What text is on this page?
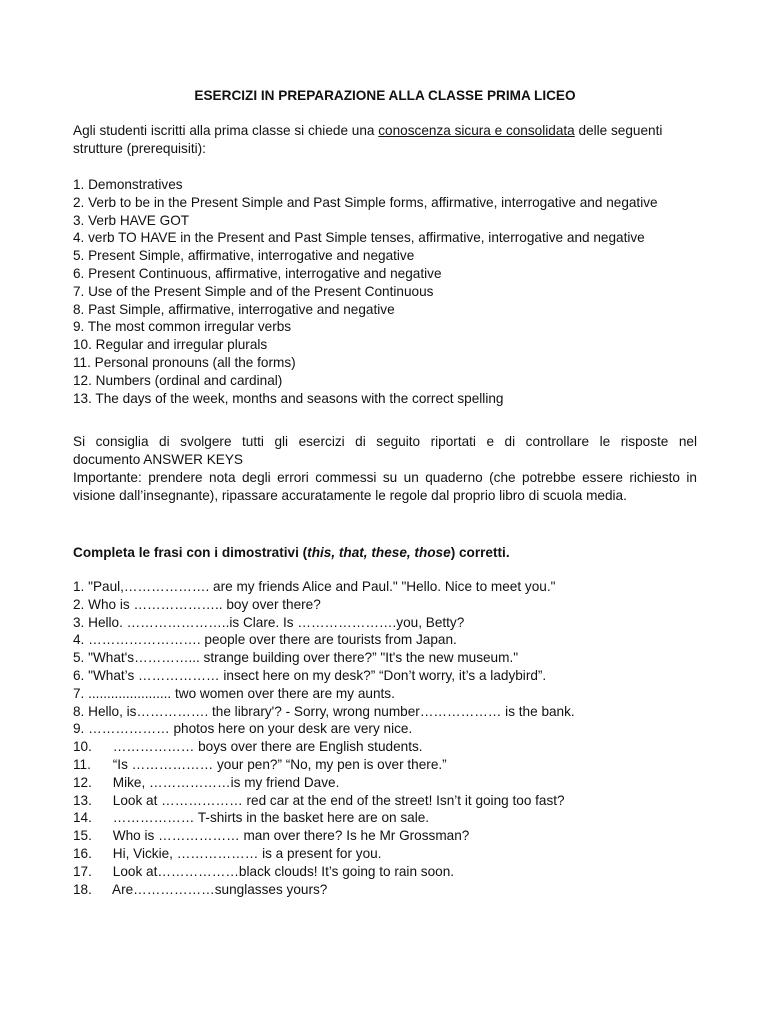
ESERCIZI IN PREPARAZIONE ALLA CLASSE PRIMA LICEO
Agli studenti iscritti alla prima classe si chiede una conoscenza sicura e consolidata delle seguenti strutture (prerequisiti):
1. Demonstratives
2. Verb to be in the Present Simple and Past Simple forms, affirmative, interrogative and negative
3. Verb HAVE GOT
4. verb TO HAVE in the Present and Past Simple tenses, affirmative, interrogative and negative
5. Present Simple, affirmative, interrogative and negative
6. Present Continuous, affirmative, interrogative and negative
7. Use of the Present Simple and of the Present Continuous
8. Past Simple, affirmative, interrogative and negative
9. The most common irregular verbs
10. Regular and irregular plurals
11. Personal pronouns (all the forms)
12. Numbers (ordinal and cardinal)
13. The days of the week, months and seasons with the correct spelling

Si consiglia di svolgere tutti gli esercizi di seguito riportati e di controllare le risposte nel

documento ANSWER KEYS

Importante: prendere nota degli errori commessi su un quaderno (che potrebbe essere richiesto in visione dall’insegnante), ripassare accuratamente le regole dal proprio libro di scuola media.

Completa le frasi con i dimostrativi (this, that, these, those) corretti.
1. "Paul,………………. are my friends Alice and Paul." "Hello. Nice to meet you."
2. Who is ……………….. boy over there?
3. Hello. …………………..is Clare. Is ………………….you, Betty?
4. ……………………. people over there are tourists from Japan.
5. "What's…………... strange building over there?” "It's the new museum."
6. "What’s ……………… insect here on my desk?” “Don’t worry, it’s a ladybird”.
7. ...................... two women over there are my aunts.
8. Hello, is……………. the library'? - Sorry, wrong number……………… is the bank.
9. ……………… photos here on your desk are very nice.
10. ……………… boys over there are English students.
11. “Is ……………… your pen?” “No, my pen is over there.”
12. Mike, ………………is my friend Dave.
13. Look at ……………… red car at the end of the street! Isn’t it going too fast?
14. ……………… T-shirts in the basket here are on sale.
15. Who is ……………… man over there? Is he Mr Grossman?
16. Hi, Vickie, ……………… is a present for you.
17. Look at………………black clouds! It’s going to rain soon.
18. Are………………sunglasses yours?
